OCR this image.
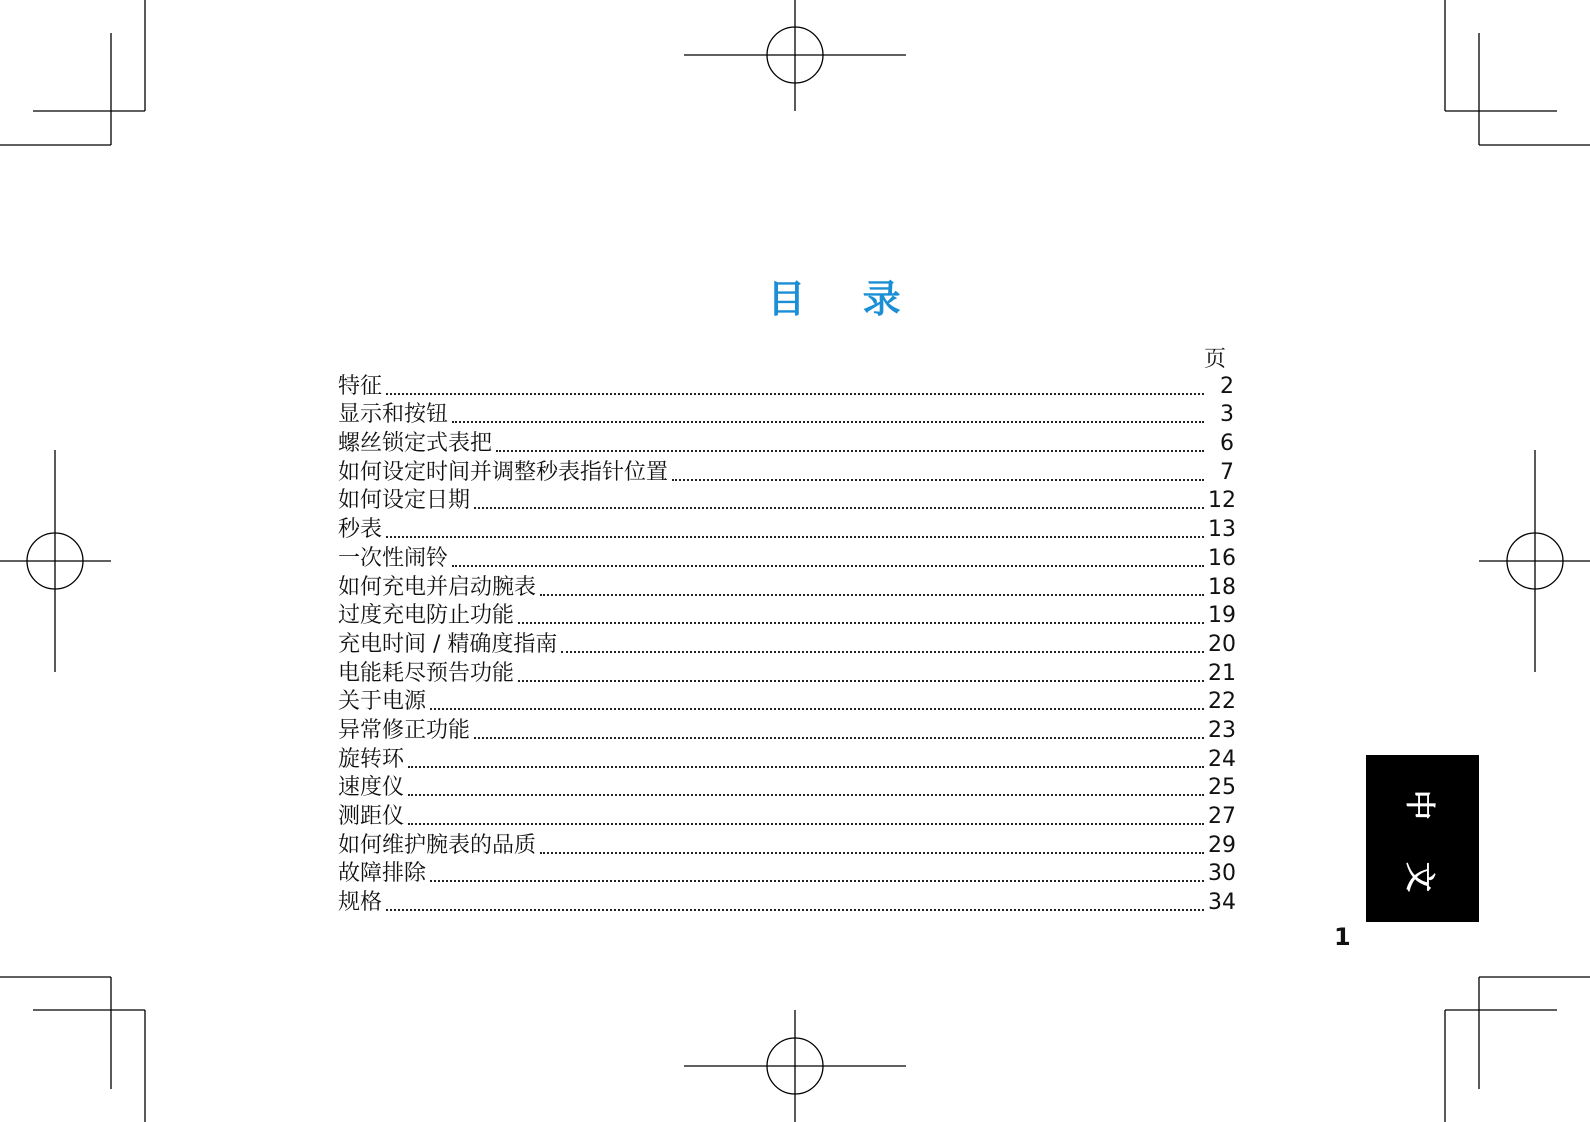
目 录
页
特征	2
显示和按钮	3
螺丝锁定式表把	6
如何设定时间并调整秒表指针位置	7
如何设定日期	12
秒表	13
一次性闹铃	16
如何充电并启动腕表	18
过度充电防止功能	19
充电时间 / 精确度指南	20
电能耗尽预告功能	21
关于电源	22
异常修正功能	23
旋转环	24
速度仪	25
测距仪	27
如何维护腕表的品质	29
故障排除	30
规格	34
中
文
1
